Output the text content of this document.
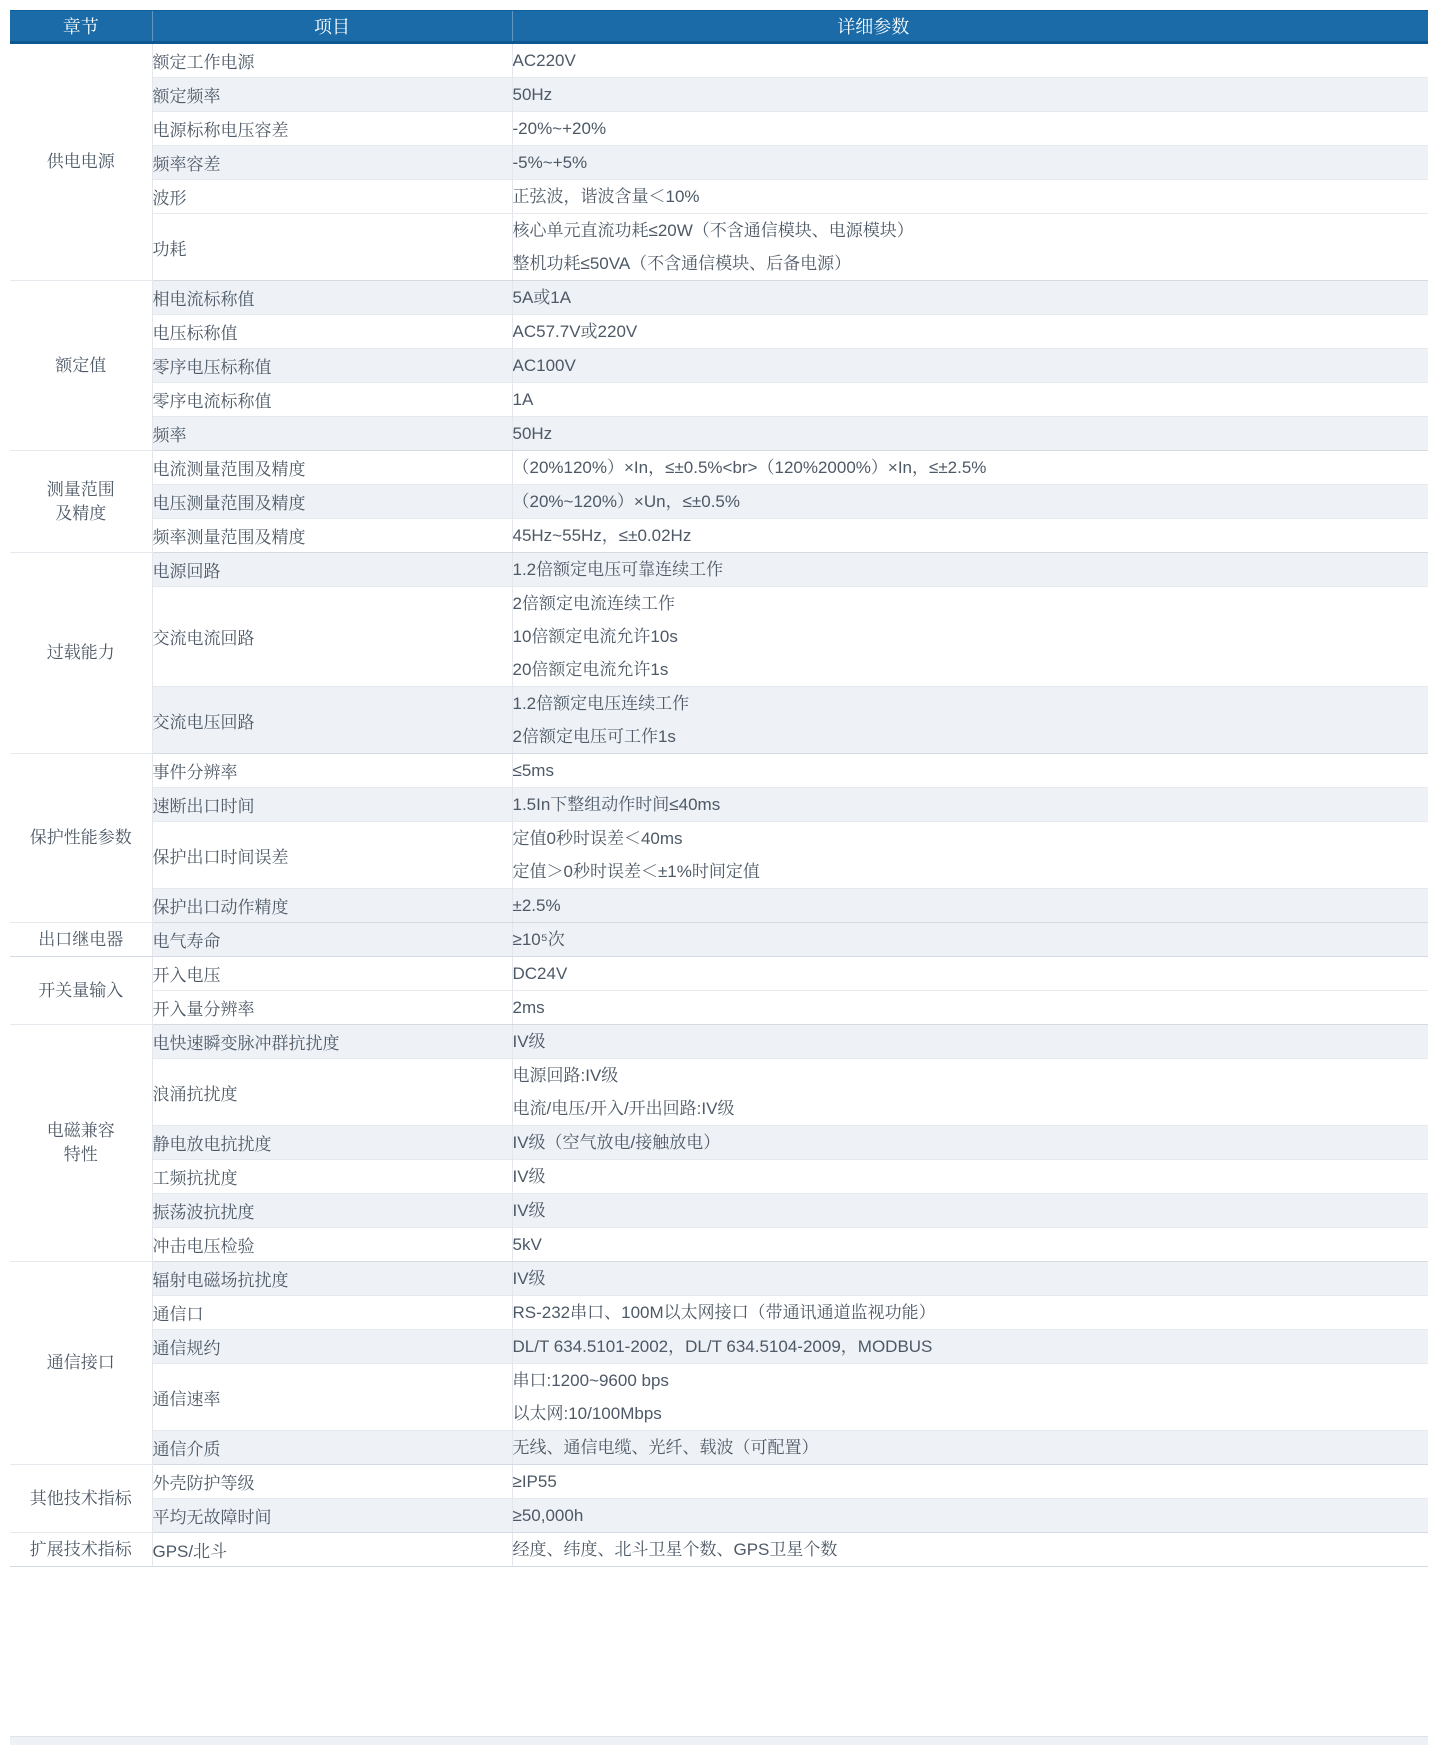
章节	项目	详细参数

供电电源	额定工作电源	AC220V

	额定频率	50Hz

	电源标称电压容差	-20%~+20%

	频率容差	-5%~+5%

	波形	正弦波，谐波含量＜10%

	功耗	核心单元直流功耗≤20W（不含通信模块、电源模块）
整机功耗≤50VA（不含通信模块、后备电源）

额定值	相电流标称值	5A或1A

	电压标称值	AC57.7V或220V

	零序电压标称值	AC100V

	零序电流标称值	1A

	频率	50Hz

测量范围
及精度	电流测量范围及精度	（20%120%）×In，≤±0.5%<br>（120%2000%）×In，≤±2.5%

	电压测量范围及精度	（20%~120%）×Un，≤±0.5%

	频率测量范围及精度	45Hz~55Hz，≤±0.02Hz

过载能力	电源回路	1.2倍额定电压可靠连续工作

	交流电流回路	2倍额定电流连续工作
10倍额定电流允许10s
20倍额定电流允许1s

	交流电压回路	1.2倍额定电压连续工作
2倍额定电压可工作1s

保护性能参数	事件分辨率	≤5ms

	速断出口时间	1.5In下整组动作时间≤40ms

	保护出口时间误差	定值0秒时误差＜40ms
定值＞0秒时误差＜±1%时间定值

	保护出口动作精度	±2.5%

出口继电器	电气寿命	≥10⁵次

开关量输入	开入电压	DC24V

	开入量分辨率	2ms

电磁兼容
特性	电快速瞬变脉冲群抗扰度	IV级

	浪涌抗扰度	电源回路:IV级
电流/电压/开入/开出回路:IV级

	静电放电抗扰度	IV级（空气放电/接触放电）

	工频抗扰度	IV级

	振荡波抗扰度	IV级

	冲击电压检验	5kV

通信接口	辐射电磁场抗扰度	IV级

	通信口	RS-232串口、100M以太网接口（带通讯通道监视功能）

	通信规约	DL/T 634.5101-2002，DL/T 634.5104-2009，MODBUS

	通信速率	串口:1200~9600 bps
以太网:10/100Mbps

	通信介质	无线、通信电缆、光纤、载波（可配置）

其他技术指标	外壳防护等级	≥IP55

	平均无故障时间	≥50,000h

扩展技术指标	GPS/北斗	经度、纬度、北斗卫星个数、GPS卫星个数
